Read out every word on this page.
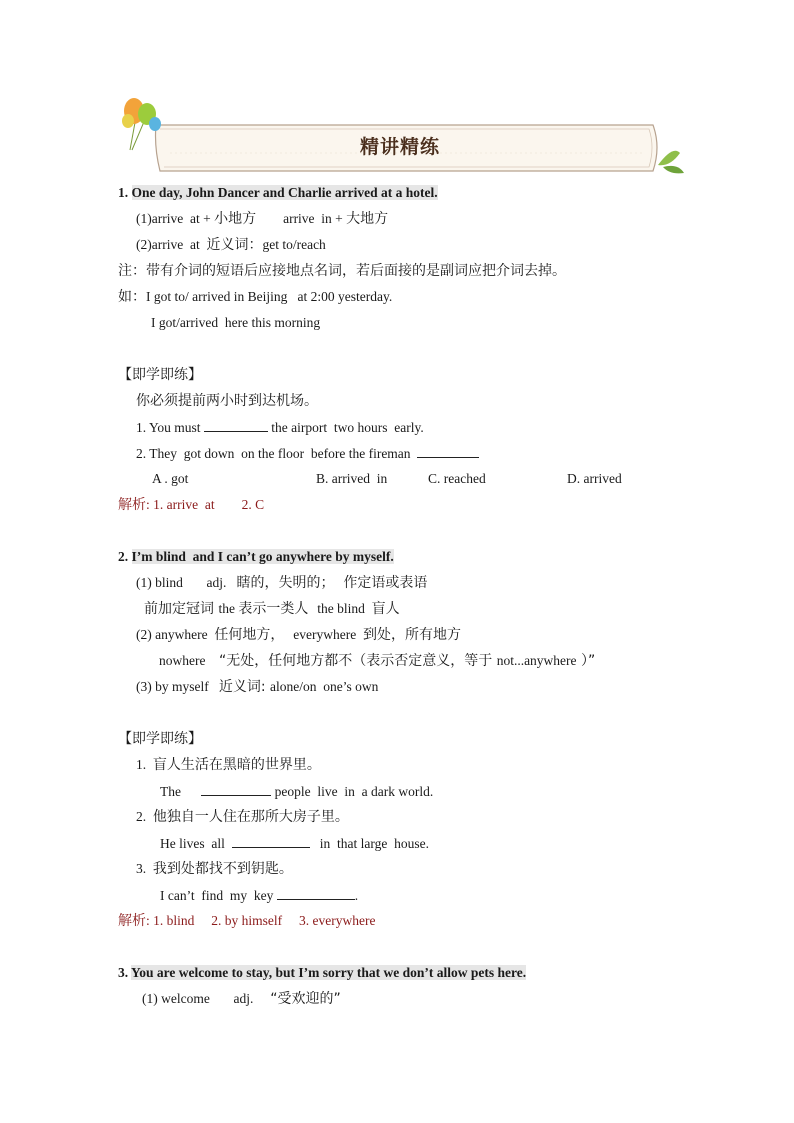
精讲精练
1. One day, John Dancer and Charlie arrived at a hotel.
(1)arrive  at + 小地方 arrive  in + 大地方
(2)arrive  at  近义词：get to/reach
注：带有介词的短语后应接地点名词，若后面接的是副词应把介词去掉。
如：I got to/ arrived in Beijing   at 2:00 yesterday.
I got/arrived  here this morning
【即学即练】
你必须提前两小时到达机场。
1. You must	the airport  two hours  early.
2. They  got down  on the floor  before the fireman
A . got	B. arrived  in	C. reached	D. arrived
解析: 1. arrive  at        2. C
2. I’m blind  and I can’t go anywhere by myself.
(1) blind       adj.   瞎的，失明的；  作定语或表语
前加定冠词 the 表示一类人  the blind  盲人
(2) anywhere  任何地方，  everywhere  到处，所有地方
nowhere    “无处，任何地方都不（表示否定意义，等于 not...anywhere ）”
(3) by myself   近义词: alone/on  one’s own
【即学即练】
1.  盲人生活在黑暗的世界里。
The	people  live  in  a dark world.
2.  他独自一人住在那所大房子里。
He lives  all	in  that large  house.
3.  我到处都找不到钥匙。
I can’t  find  my  key	.
解析: 1. blind     2. by himself     3. everywhere
3. You are welcome to stay, but I’m sorry that we don’t allow pets here.
(1) welcome       adj.     “受欢迎的”
